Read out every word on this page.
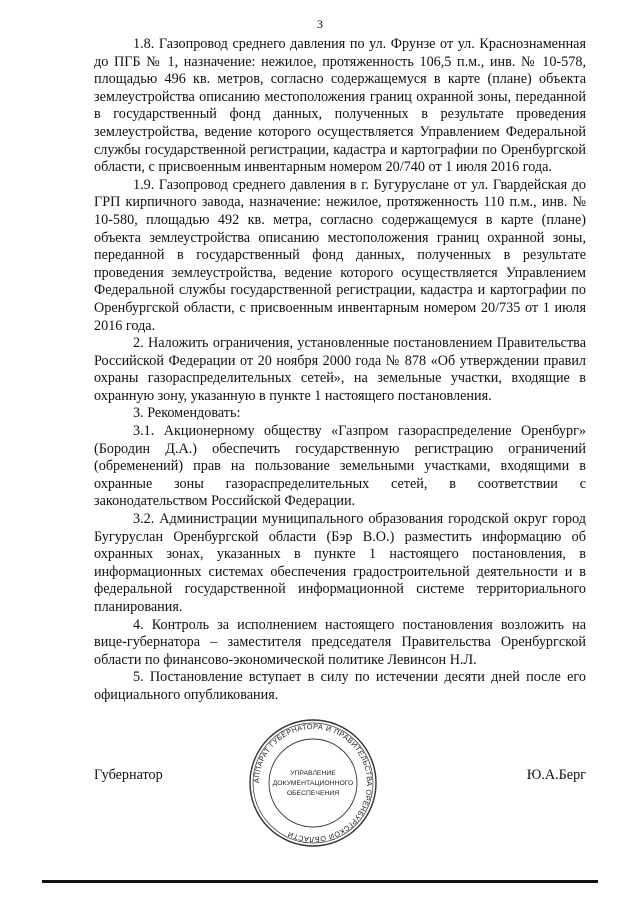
3

1.8. Газопровод среднего давления по ул. Фрунзе от ул. Краснознаменная до ПГБ № 1, назначение: нежилое, протяженность 106,5 п.м., инв. № 10-578, площадью 496 кв. метров, согласно содержащемуся в карте (плане) объекта землеустройства описанию местоположения границ охранной зоны, переданной в государственный фонд данных, полученных в результате проведения землеустройства, ведение которого осуществляется Управлением Федеральной службы государственной регистрации, кадастра и картографии по Оренбургской области, с присвоенным инвентарным номером 20/740 от 1 июля 2016 года.

1.9. Газопровод среднего давления в г. Бугуруслане от ул. Гвардейская до ГРП кирпичного завода, назначение: нежилое, протяженность 110 п.м., инв. № 10-580, площадью 492 кв. метра, согласно содержащемуся в карте (плане) объекта землеустройства описанию местоположения границ охранной зоны, переданной в государственный фонд данных, полученных в результате проведения землеустройства, ведение которого осуществляется Управлением Федеральной службы государственной регистрации, кадастра и картографии по Оренбургской области, с присвоенным инвентарным номером 20/735 от 1 июля 2016 года.

2. Наложить ограничения, установленные постановлением Правительства Российской Федерации от 20 ноября 2000 года № 878 «Об утверждении правил охраны газораспределительных сетей», на земельные участки, входящие в охранную зону, указанную в пункте 1 настоящего постановления.

3. Рекомендовать:

3.1. Акционерному обществу «Газпром газораспределение Оренбург» (Бородин Д.А.) обеспечить государственную регистрацию ограничений (обременений) прав на пользование земельными участками, входящими в охранные зоны газораспределительных сетей, в соответствии с законодательством Российской Федерации.

3.2. Администрации муниципального образования городской округ город Бугуруслан Оренбургской области (Бэр В.О.) разместить информацию об охранных зонах, указанных в пункте 1 настоящего постановления, в информационных системах обеспечения градостроительной деятельности и в федеральной государственной информационной системе территориального планирования.

4. Контроль за исполнением настоящего постановления возложить на вице-губернатора – заместителя председателя Правительства Оренбургской области по финансово-экономической политике Левинсон Н.Л.

5. Постановление вступает в силу по истечении десяти дней после его официального опубликования.

АППАРАТ ГУБЕРНАТОРА И ПРАВИТЕЛЬСТВА ОРЕНБУРГСКОЙ ОБЛАСТИ
УПРАВЛЕНИЕ
ДОКУМЕНТАЦИОННОГО
ОБЕСПЕЧЕНИЯ
Губернатор	Ю.А.Берг
